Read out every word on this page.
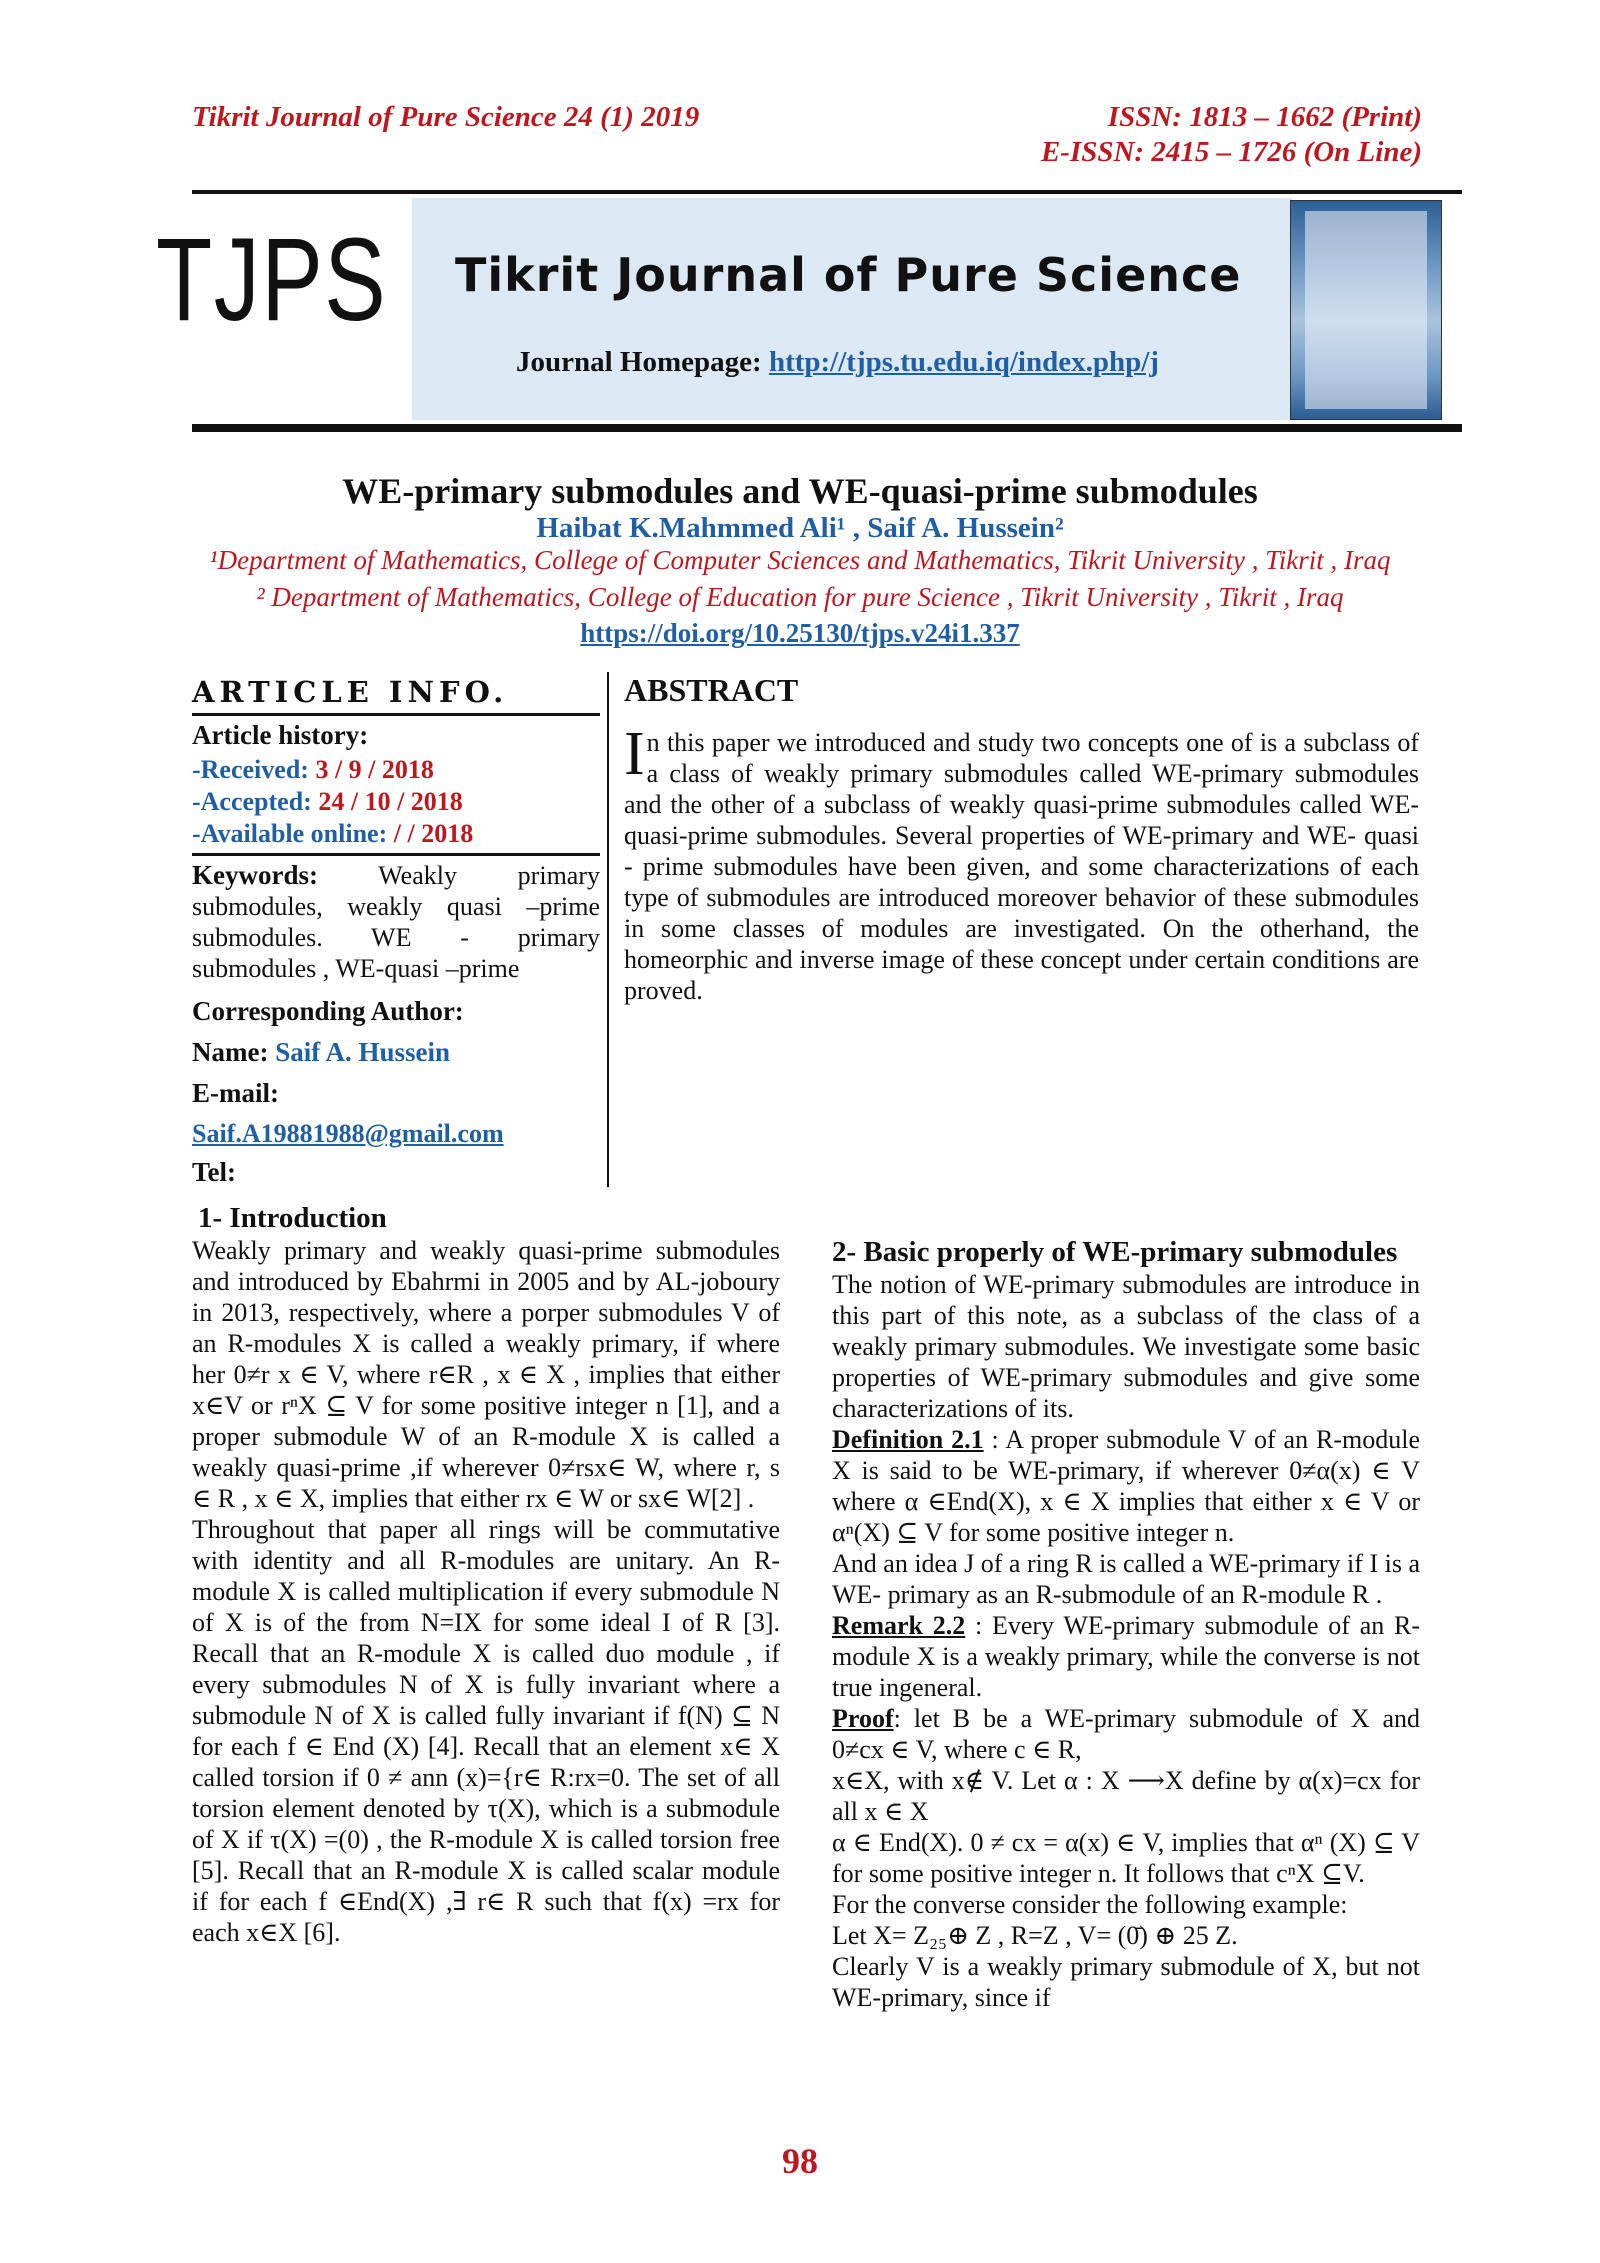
Tikrit Journal of Pure Science 24 (1) 2019	ISSN: 1813 – 1662 (Print)
E-ISSN: 2415 – 1726 (On Line)
TJPS Tikrit Journal of Pure Science
Journal Homepage: http://tjps.tu.edu.iq/index.php/j
WE-primary submodules and WE-quasi-prime submodules
Haibat K.Mahmmed Ali¹ , Saif A. Hussein²
¹Department of Mathematics, College of Computer Sciences and Mathematics, Tikrit University , Tikrit , Iraq
² Department of Mathematics, College of Education for pure Science , Tikrit University , Tikrit , Iraq
https://doi.org/10.25130/tjps.v24i1.337
ARTICLE INFO.
Article history:
-Received: 3 / 9 / 2018
-Accepted: 24 / 10 / 2018
-Available online: / / 2018
Keywords: Weakly primary submodules, weakly quasi –prime submodules. WE - primary submodules , WE-quasi –prime
Corresponding Author:
Name: Saif A. Hussein
E-mail:
Saif.A19881988@gmail.com
Tel:
ABSTRACT
In this paper we introduced and study two concepts one of is a subclass of a class of weakly primary submodules called WE-primary submodules and the other of a subclass of weakly quasi-prime submodules called WE-quasi-prime submodules. Several properties of WE-primary and WE- quasi - prime submodules have been given, and some characterizations of each type of submodules are introduced moreover behavior of these submodules in some classes of modules are investigated. On the otherhand, the homeorphic and inverse image of these concept under certain conditions are proved.
1- Introduction
Weakly primary and weakly quasi-prime submodules and introduced by Ebahrmi in 2005 and by AL-joboury in 2013, respectively, where a porper submodules V of an R-modules X is called a weakly primary, if where her 0≠r x ∈ V, where r∈R , x ∈ X , implies that either x∈V or rⁿX ⊆ V for some positive integer n [1], and a proper submodule W of an R-module X is called a weakly quasi-prime ,if wherever 0≠rsx∈ W, where r, s ∈ R , x ∈ X, implies that either rx ∈ W or sx∈ W[2] .
Throughout that paper all rings will be commutative with identity and all R-modules are unitary. An R-module X is called multiplication if every submodule N of X is of the from N=IX for some ideal I of R [3]. Recall that an R-module X is called duo module , if every submodules N of X is fully invariant where a submodule N of X is called fully invariant if f(N) ⊆ N for each f ∈ End (X) [4]. Recall that an element x∈ X called torsion if 0 ≠ ann (x)={r∈ R:rx=0. The set of all torsion element denoted by τ(X), which is a submodule of X if τ(X) =(0) , the R-module X is called torsion free [5]. Recall that an R-module X is called scalar module if for each f ∈End(X) ,∃ r∈ R such that f(x) =rx for each x∈X [6].
2- Basic properly of WE-primary submodules
The notion of WE-primary submodules are introduce in this part of this note, as a subclass of the class of a weakly primary submodules. We investigate some basic properties of WE-primary submodules and give some characterizations of its.
Definition 2.1 : A proper submodule V of an R-module X is said to be WE-primary, if wherever 0≠α(x) ∈ V where α ∈End(X), x ∈ X implies that either x ∈ V or αⁿ(X) ⊆ V for some positive integer n.
And an idea J of a ring R is called a WE-primary if I is a WE- primary as an R-submodule of an R-module R .
Remark 2.2 : Every WE-primary submodule of an R-module X is a weakly primary, while the converse is not true ingeneral.
Proof: let B be a WE-primary submodule of X and 0≠cx ∈ V, where c ∈ R,
x∈X, with x∉ V. Let α : X ⟶X define by α(x)=cx for all x ∈ X
α ∈ End(X). 0 ≠ cx = α(x) ∈ V, implies that αⁿ (X) ⊆ V for some positive integer n. It follows that cⁿX ⊆V.
For the converse consider the following example:
Let X= Z₂₅⊕ Z , R=Z , V= (0̄) ⊕ 25 Z.
Clearly V is a weakly primary submodule of X, but not WE-primary, since if
98
